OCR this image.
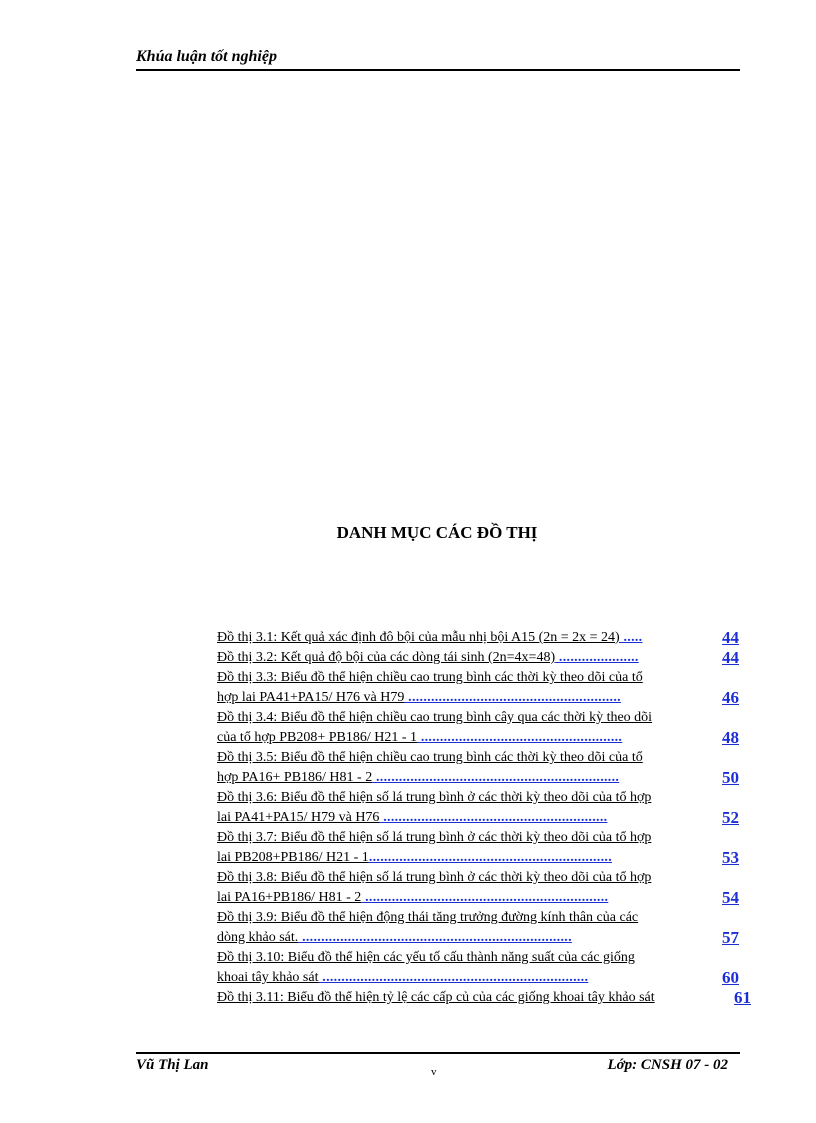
Khúa luận tốt nghiệp
DANH MỤC CÁC ĐỒ THỊ
Đồ thị 3.1: Kết quả xác định đô bội của mẫu nhị bội A15 (2n = 2x = 24) .....	44
Đồ thị 3.2: Kết quả độ bội của các dòng tái sinh (2n=4x=48) .....................	44
Đồ thị 3.3: Biểu đồ thể hiện chiều cao trung bình các thời kỳ theo dõi của tổ
hợp lai PA41+PA15/ H76 và H79 ........................................................	46
Đồ thị 3.4: Biểu đồ thể hiện chiều cao trung bình cây qua các thời kỳ theo dõi
của tổ hợp PB208+ PB186/ H21 - 1 .....................................................	48
Đồ thị 3.5: Biểu đồ thể hiện chiều cao trung bình các thời kỳ theo dõi của tổ
hợp PA16+ PB186/ H81 - 2 ................................................................	50
Đồ thị 3.6: Biểu đồ thể hiện số lá trung bình ở các thời kỳ theo dõi của tổ hợp
lai PA41+PA15/ H79 và H76 ...........................................................	52
Đồ thị 3.7: Biểu đồ thể hiện số lá trung bình ở các thời kỳ theo dõi của tổ hợp
lai PB208+PB186/ H21 - 1................................................................	53
Đồ thị 3.8: Biểu đồ thể hiện số lá trung bình ở các thời kỳ theo dõi của tổ hợp
lai PA16+PB186/ H81 - 2 ................................................................	54
Đồ thị 3.9: Biểu đồ thể hiện động thái tăng trưởng đường kính thân của các
dòng khảo sát. .......................................................................	57
Đồ thị 3.10: Biểu đồ thể hiện các yếu tố cấu thành năng suất của các giống
khoai tây khảo sát ......................................................................	60
Đồ thị 3.11: Biểu đồ thể hiện tỷ lệ các cấp củ của các giống khoai tây khảo sát	61
Vũ Thị Lan	v	Lớp: CNSH 07 - 02
